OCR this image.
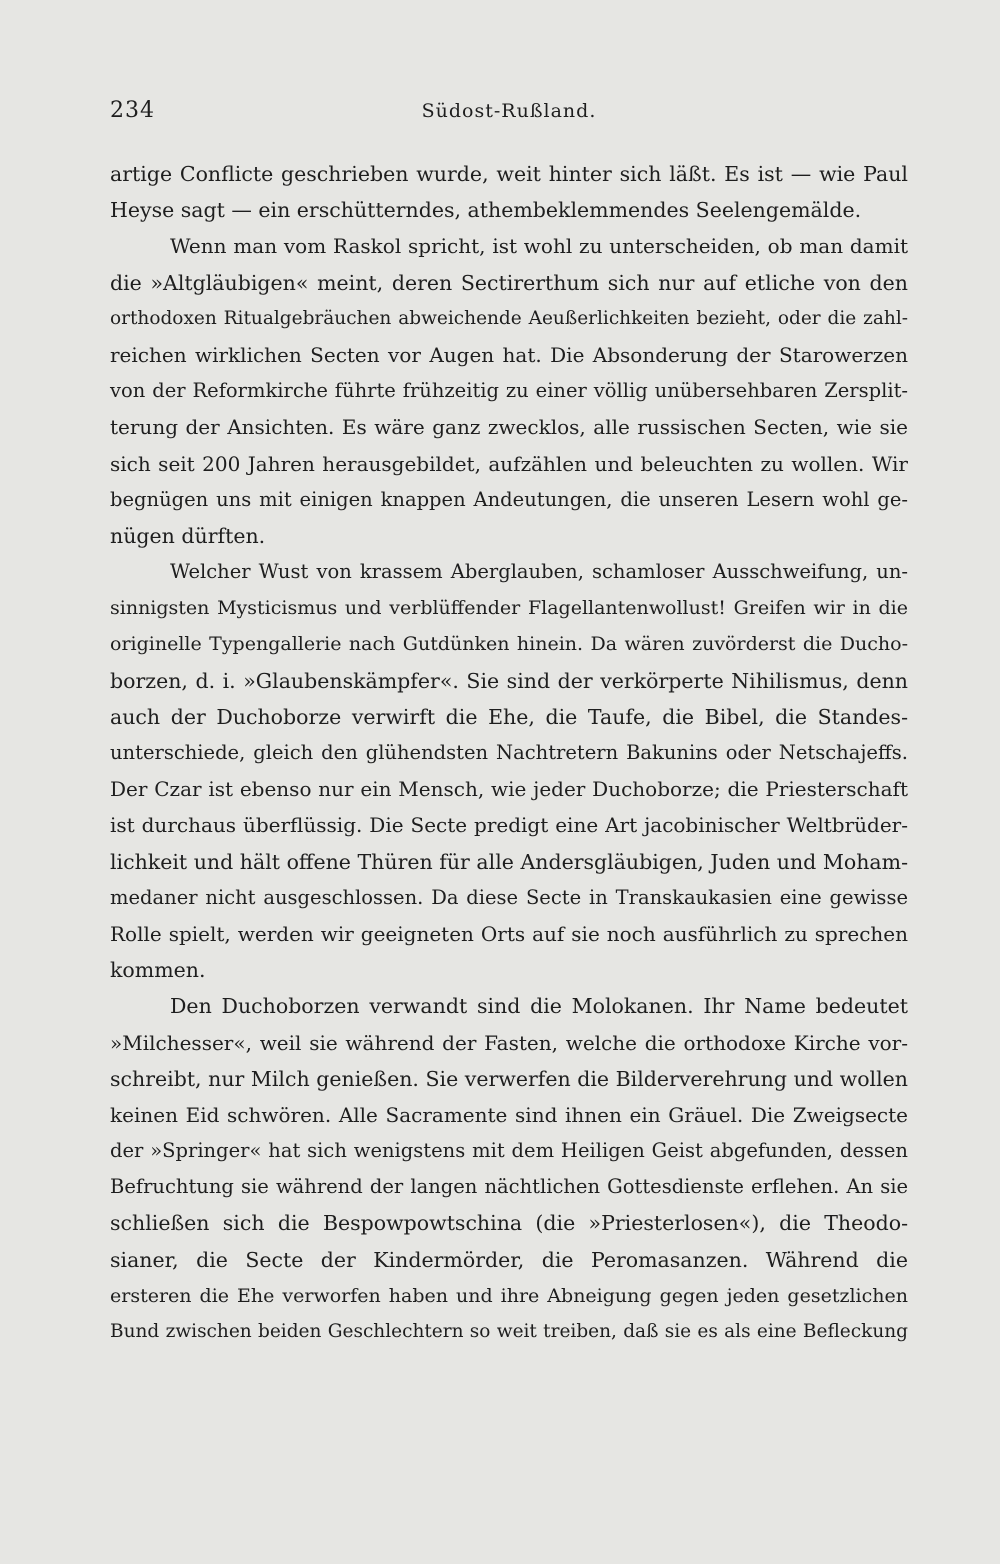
234	Südost-Rußland.
artige Conflicte geschrieben wurde, weit hinter sich läßt. Es ist — wie Paul
Heyse sagt — ein erschütterndes, athembeklemmendes Seelengemälde.
Wenn man vom Raskol spricht, ist wohl zu unterscheiden, ob man damit
die »Altgläubigen« meint, deren Sectirerthum sich nur auf etliche von den
orthodoxen Ritualgebräuchen abweichende Aeußerlichkeiten bezieht, oder die zahl-
reichen wirklichen Secten vor Augen hat. Die Absonderung der Starowerzen
von der Reformkirche führte frühzeitig zu einer völlig unübersehbaren Zersplit-
terung der Ansichten. Es wäre ganz zwecklos, alle russischen Secten, wie sie
sich seit 200 Jahren herausgebildet, aufzählen und beleuchten zu wollen. Wir
begnügen uns mit einigen knappen Andeutungen, die unseren Lesern wohl ge-
nügen dürften.
Welcher Wust von krassem Aberglauben, schamloser Ausschweifung, un-
sinnigsten Mysticismus und verblüffender Flagellantenwollust! Greifen wir in die
originelle Typengallerie nach Gutdünken hinein. Da wären zuvörderst die Ducho-
borzen, d. i. »Glaubenskämpfer«. Sie sind der verkörperte Nihilismus, denn
auch der Duchoborze verwirft die Ehe, die Taufe, die Bibel, die Standes-
unterschiede, gleich den glühendsten Nachtretern Bakunins oder Netschajeffs.
Der Czar ist ebenso nur ein Mensch, wie jeder Duchoborze; die Priesterschaft
ist durchaus überflüssig. Die Secte predigt eine Art jacobinischer Weltbrüder-
lichkeit und hält offene Thüren für alle Andersgläubigen, Juden und Moham-
medaner nicht ausgeschlossen. Da diese Secte in Transkaukasien eine gewisse
Rolle spielt, werden wir geeigneten Orts auf sie noch ausführlich zu sprechen
kommen.
Den Duchoborzen verwandt sind die Molokanen. Ihr Name bedeutet
»Milchesser«, weil sie während der Fasten, welche die orthodoxe Kirche vor-
schreibt, nur Milch genießen. Sie verwerfen die Bilderverehrung und wollen
keinen Eid schwören. Alle Sacramente sind ihnen ein Gräuel. Die Zweigsecte
der »Springer« hat sich wenigstens mit dem Heiligen Geist abgefunden, dessen
Befruchtung sie während der langen nächtlichen Gottesdienste erflehen. An sie
schließen sich die Bespowpowtschina (die »Priesterlosen«), die Theodo-
sianer, die Secte der Kindermörder, die Peromasanzen. Während die
ersteren die Ehe verworfen haben und ihre Abneigung gegen jeden gesetzlichen
Bund zwischen beiden Geschlechtern so weit treiben, daß sie es als eine Befleckung
